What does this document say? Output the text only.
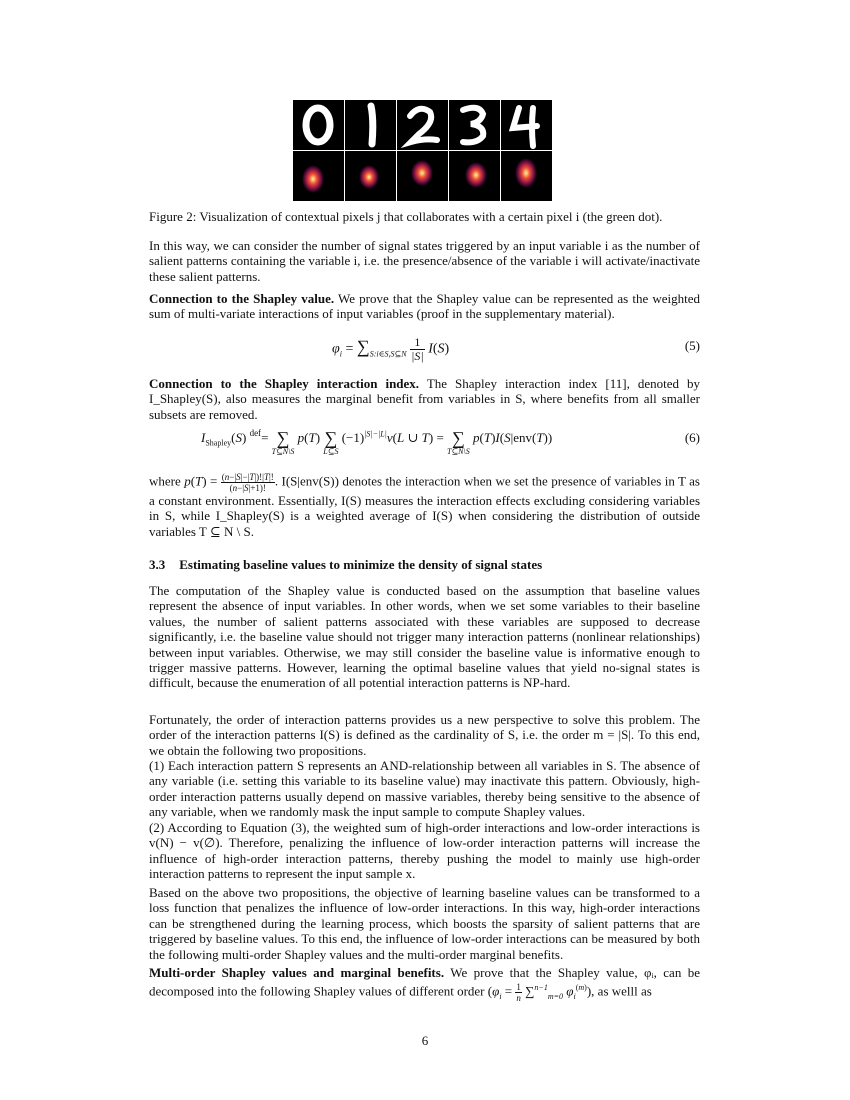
Figure 2: Visualization of contextual pixels j that collaborates with a certain pixel i (the green dot).

In this way, we can consider the number of signal states triggered by an input variable i as the number of salient patterns containing the variable i, i.e. the presence/absence of the variable i will activate/inactivate these salient patterns.

Connection to the Shapley value. We prove that the Shapley value can be represented as the weighted sum of multi-variate interactions of input variables (proof in the supplementary material).

$\varphi_i = \sum_{S:i\in S,S⊆N} \frac{1}{|S|} I(S)$	(5)

Connection to the Shapley interaction index. The Shapley interaction index [11], denoted by I_Shapley(S), also measures the marginal benefit from variables in S, where benefits from all smaller subsets are removed.

$I_{Shapley}(S)$ $^{def}$= ∑
T⊆N\S
p(T) ∑
L⊆S
$(-1)^{|S|-|L|}v(L$ ∪ T) = ∑
T⊆N\S
p(T)I(S|env(T))	(6)

where $p(T) = \frac{(n-|S|-|T|)!|T|!}{(n-|S|+1)!}$ . I(S|env(S)) denotes the interaction when we set the presence of variables in T as a constant environment. Essentially, I(S) measures the interaction effects excluding considering variables in S, while I_Shapley(S) is a weighted average of I(S) when considering the distribution of outside variables T ⊆ N \ S.

3.3 Estimating baseline values to minimize the density of signal states

The computation of the Shapley value is conducted based on the assumption that baseline values represent the absence of input variables. In other words, when we set some variables to their baseline values, the number of salient patterns associated with these variables are supposed to decrease significantly, i.e. the baseline value should not trigger many interaction patterns (nonlinear relationships) between input variables. Otherwise, we may still consider the baseline value is informative enough to trigger massive patterns. However, learning the optimal baseline values that yield no-signal states is difficult, because the enumeration of all potential interaction patterns is NP-hard.

Fortunately, the order of interaction patterns provides us a new perspective to solve this problem. The order of the interaction patterns I(S) is defined as the cardinality of S, i.e. the order m = |S|. To this end, we obtain the following two propositions.

(1) Each interaction pattern S represents an AND-relationship between all variables in S. The absence of any variable (i.e. setting this variable to its baseline value) may inactivate this pattern. Obviously, high-order interaction patterns usually depend on massive variables, thereby being sensitive to the absence of any variable, when we randomly mask the input sample to compute Shapley values.

(2) According to Equation (3), the weighted sum of high-order interactions and low-order interactions is v(N) − v(∅). Therefore, penalizing the influence of low-order interaction patterns will increase the influence of high-order interaction patterns, thereby pushing the model to mainly use high-order interaction patterns to represent the input sample x.

Based on the above two propositions, the objective of learning baseline values can be transformed to a loss function that penalizes the influence of low-order interactions. In this way, high-order interactions can be strengthened during the learning process, which boosts the sparsity of salient patterns that are triggered by baseline values. To this end, the influence of low-order interactions can be measured by both the following multi-order Shapley values and the multi-order marginal benefits.

Multi-order Shapley values and marginal benefits. We prove that the Shapley value, φᵢ, can be decomposed into the following Shapley values of different order ($\varphi_i = \frac{1}{n} \sum^{n-1}_{m=0}$ $\varphi_i^{(m)}$), as welll as

6
